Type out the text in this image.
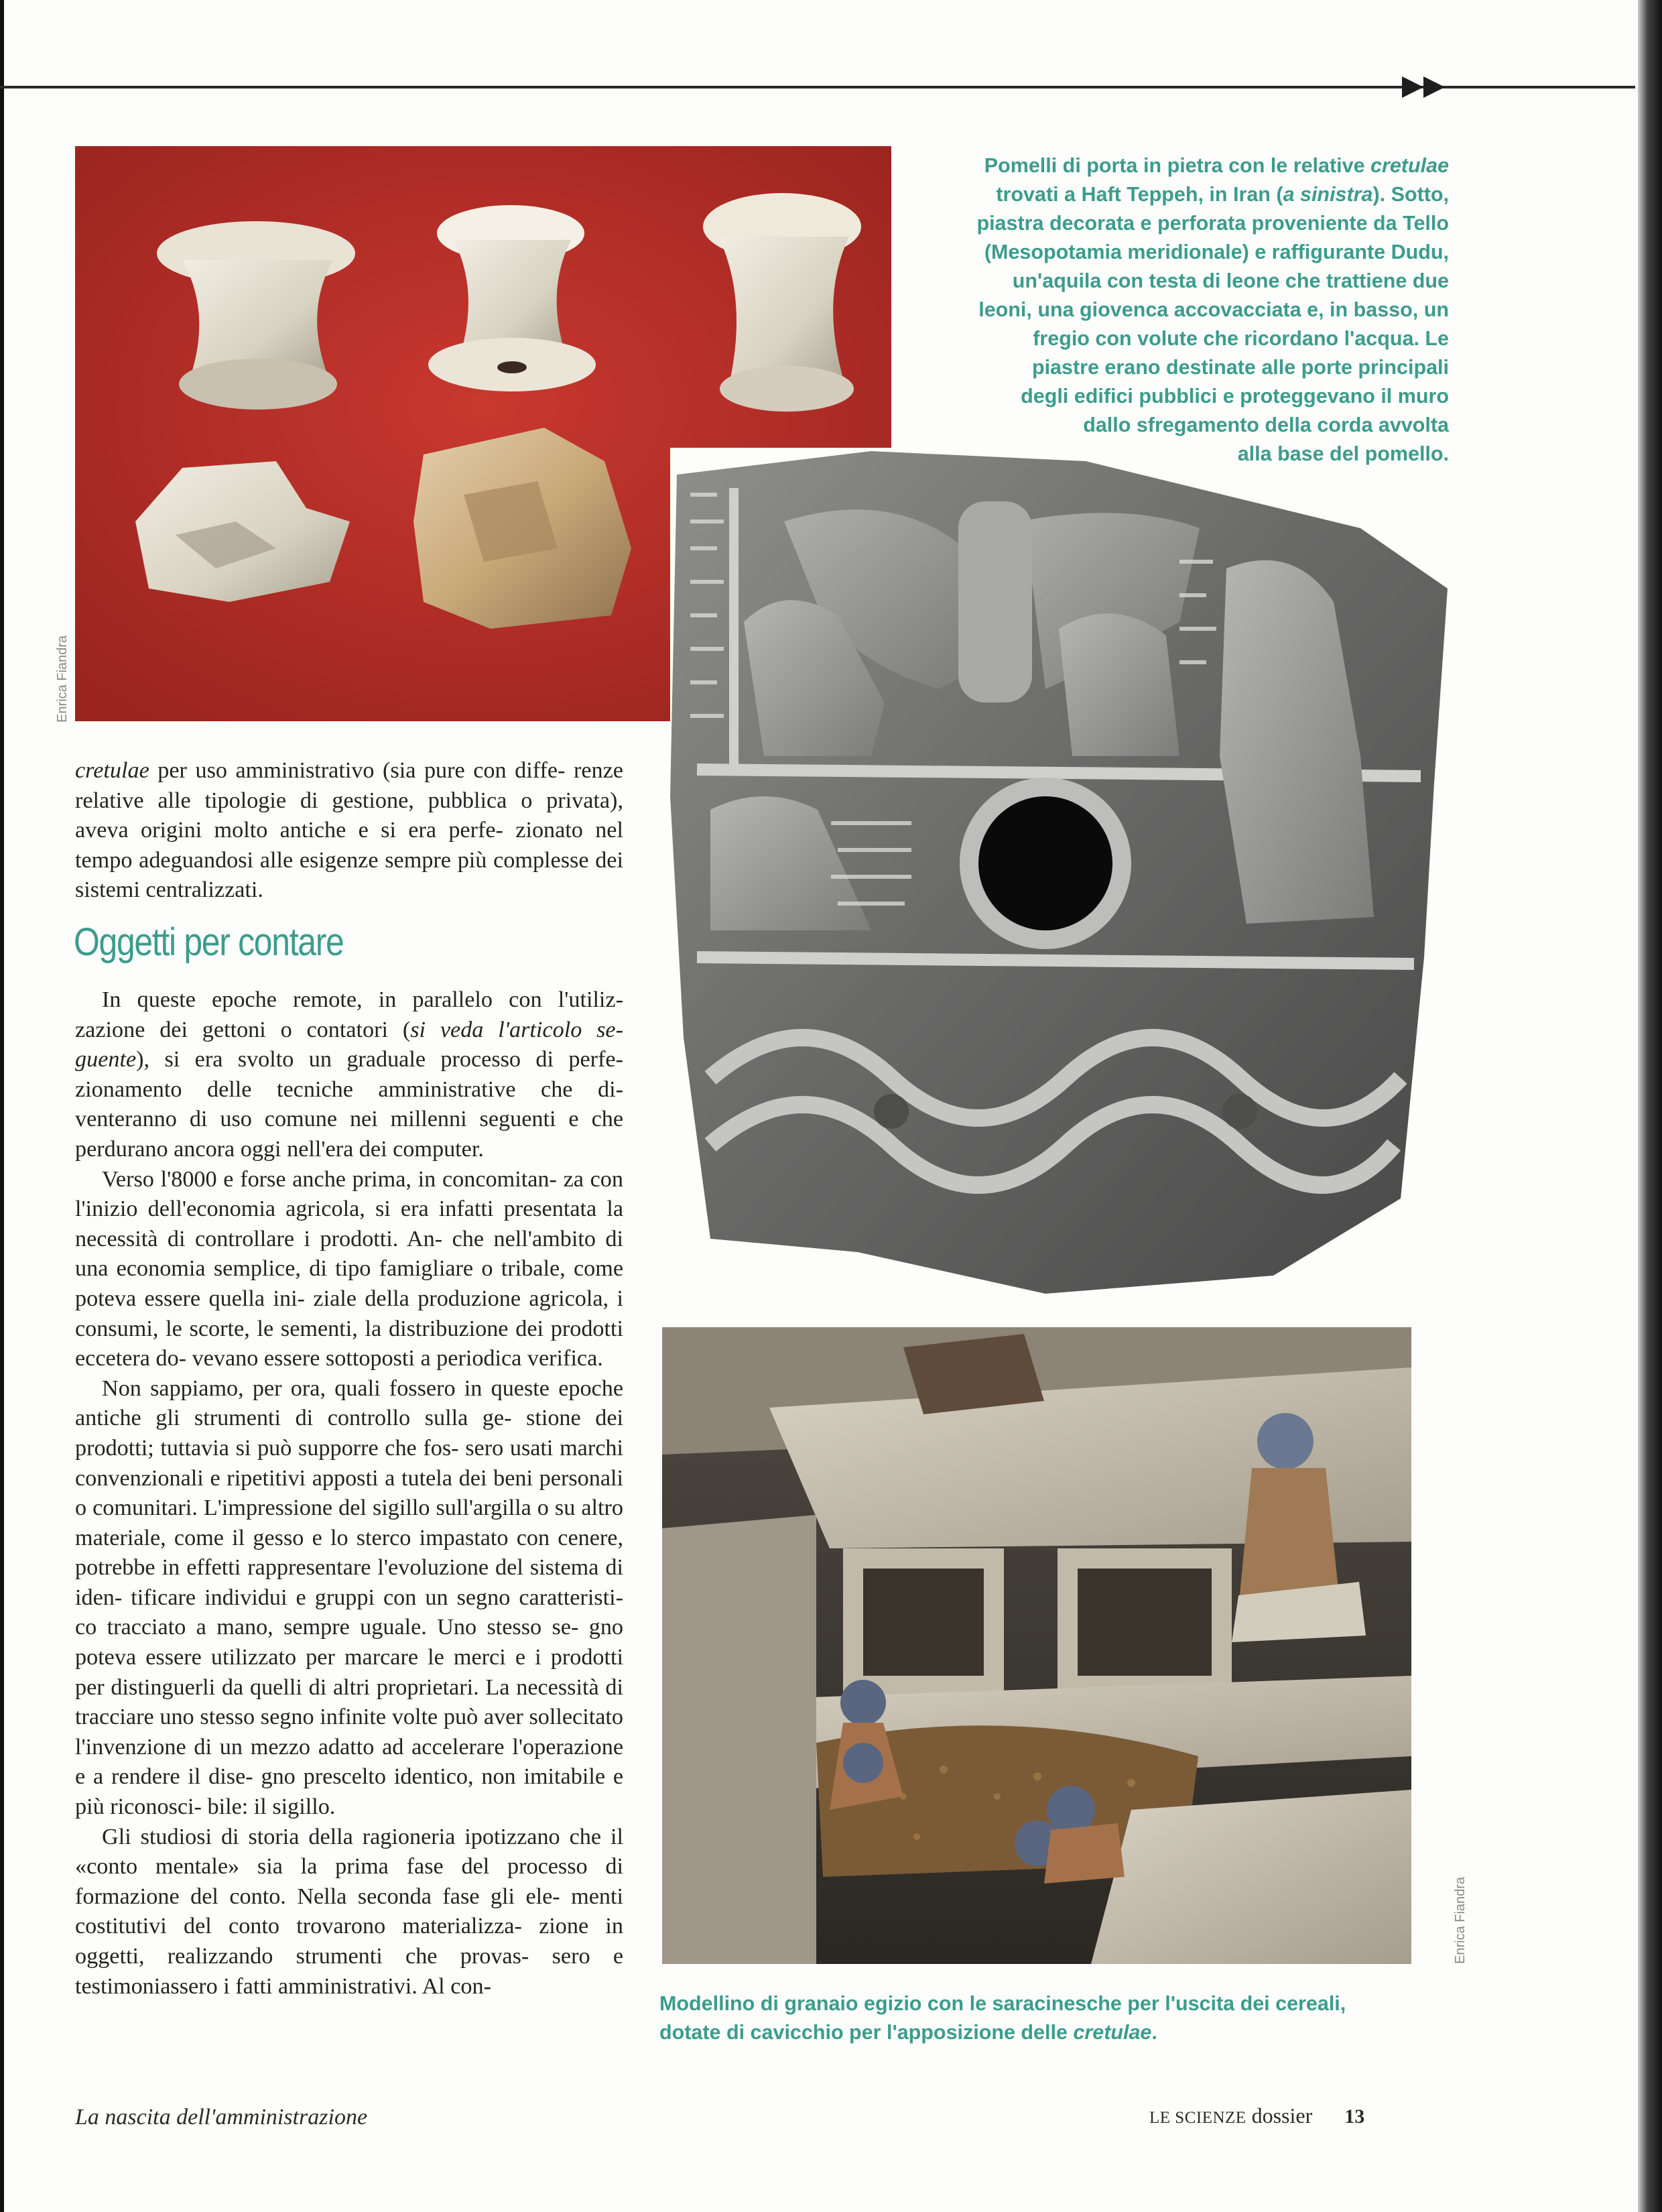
Enrica Fiandra
Enrica Fiandra
Pomelli di porta in pietra con le relative cretulae
trovati a Haft Teppeh, in Iran (a sinistra). Sotto,
piastra decorata e perforata proveniente da Tello
(Mesopotamia meridionale) e raffigurante Dudu,
un'aquila con testa di leone che trattiene due
leoni, una giovenca accovacciata e, in basso, un
fregio con volute che ricordano l'acqua. Le
piastre erano destinate alle porte principali
degli edifici pubblici e proteggevano il muro
dallo sfregamento della corda avvolta
alla base del pomello.
Modellino di granaio egizio con le saracinesche per l'uscita dei cereali,
dotate di cavicchio per l'apposizione delle cretulae.

cretulae per uso amministrativo (sia pure con diffe- renze relative alle tipologie di gestione, pubblica o privata), aveva origini molto antiche e si era perfe- zionato nel tempo adeguandosi alle esigenze sempre più complesse dei sistemi centralizzati.

Oggetti per contare

In queste epoche remote, in parallelo con l'utiliz- zazione dei gettoni o contatori (si veda l'articolo se- guente), si era svolto un graduale processo di perfe- zionamento delle tecniche amministrative che di- venteranno di uso comune nei millenni seguenti e che perdurano ancora oggi nell'era dei computer.

Verso l'8000 e forse anche prima, in concomitan- za con l'inizio dell'economia agricola, si era infatti presentata la necessità di controllare i prodotti. An- che nell'ambito di una economia semplice, di tipo famigliare o tribale, come poteva essere quella ini- ziale della produzione agricola, i consumi, le scorte, le sementi, la distribuzione dei prodotti eccetera do- vevano essere sottoposti a periodica verifica.

Non sappiamo, per ora, quali fossero in queste epoche antiche gli strumenti di controllo sulla ge- stione dei prodotti; tuttavia si può supporre che fos- sero usati marchi convenzionali e ripetitivi apposti a tutela dei beni personali o comunitari. L'impressione del sigillo sull'argilla o su altro materiale, come il gesso e lo sterco impastato con cenere, potrebbe in effetti rappresentare l'evoluzione del sistema di iden- tificare individui e gruppi con un segno caratteristi- co tracciato a mano, sempre uguale. Uno stesso se- gno poteva essere utilizzato per marcare le merci e i prodotti per distinguerli da quelli di altri proprietari. La necessità di tracciare uno stesso segno infinite volte può aver sollecitato l'invenzione di un mezzo adatto ad accelerare l'operazione e a rendere il dise- gno prescelto identico, non imitabile e più riconosci- bile: il sigillo.

Gli studiosi di storia della ragioneria ipotizzano che il «conto mentale» sia la prima fase del processo di formazione del conto. Nella seconda fase gli ele- menti costitutivi del conto trovarono materializza- zione in oggetti, realizzando strumenti che provas- sero e testimoniassero i fatti amministrativi. Al con-

La nascita dell'amministrazione	LE SCIENZE dossier 13
